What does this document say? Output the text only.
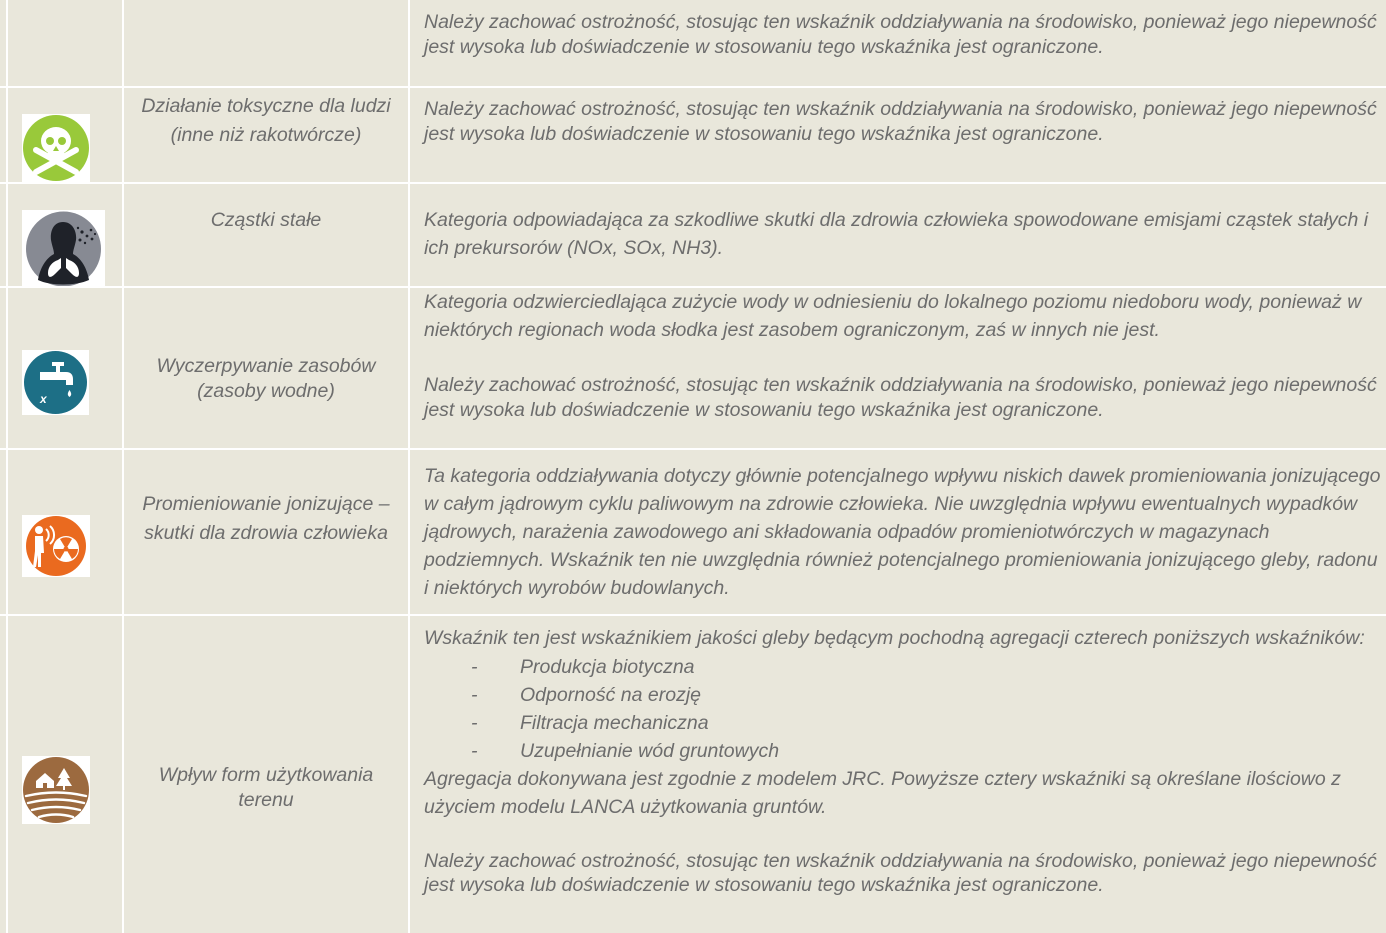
Należy zachować ostrożność, stosując ten wskaźnik oddziaływania na środowisko, ponieważ jego niepewność jest wysoka lub doświadczenie w stosowaniu tego wskaźnika jest ograniczone.

Działanie toksyczne dla ludzi (inne niż rakotwórcze)

Należy zachować ostrożność, stosując ten wskaźnik oddziaływania na środowisko, ponieważ jego niepewność jest wysoka lub doświadczenie w stosowaniu tego wskaźnika jest ograniczone.

Cząstki stałe	Kategoria odpowiadająca za szkodliwe skutki dla zdrowia człowieka spowodowane emisjami cząstek stałych i ich prekursorów (NOx, SOx, NH3).

x
Wyczerpywanie zasobów (zasoby wodne)

Kategoria odzwierciedlająca zużycie wody w odniesieniu do lokalnego poziomu niedoboru wody, ponieważ w niektórych regionach woda słodka jest zasobem ograniczonym, zaś w innych nie jest.

Należy zachować ostrożność, stosując ten wskaźnik oddziaływania na środowisko, ponieważ jego niepewność jest wysoka lub doświadczenie w stosowaniu tego wskaźnika jest ograniczone.

Promieniowanie jonizujące – skutki dla zdrowia człowieka

Ta kategoria oddziaływania dotyczy głównie potencjalnego wpływu niskich dawek promieniowania jonizującego w całym jądrowym cyklu paliwowym na zdrowie człowieka. Nie uwzględnia wpływu ewentualnych wypadków jądrowych, narażenia zawodowego ani składowania odpadów promieniotwórczych w magazynach podziemnych. Wskaźnik ten nie uwzględnia również potencjalnego promieniowania jonizującego gleby, radonu i niektórych wyrobów budowlanych.

Wpływ form użytkowania terenu

Wskaźnik ten jest wskaźnikiem jakości gleby będącym pochodną agregacji czterech poniższych wskaźników:

- Produkcja biotyczna
- Odporność na erozję
- Filtracja mechaniczna
- Uzupełnianie wód gruntowych

Agregacja dokonywana jest zgodnie z modelem JRC. Powyższe cztery wskaźniki są określane ilościowo z użyciem modelu LANCA użytkowania gruntów.

Należy zachować ostrożność, stosując ten wskaźnik oddziaływania na środowisko, ponieważ jego niepewność jest wysoka lub doświadczenie w stosowaniu tego wskaźnika jest ograniczone.
